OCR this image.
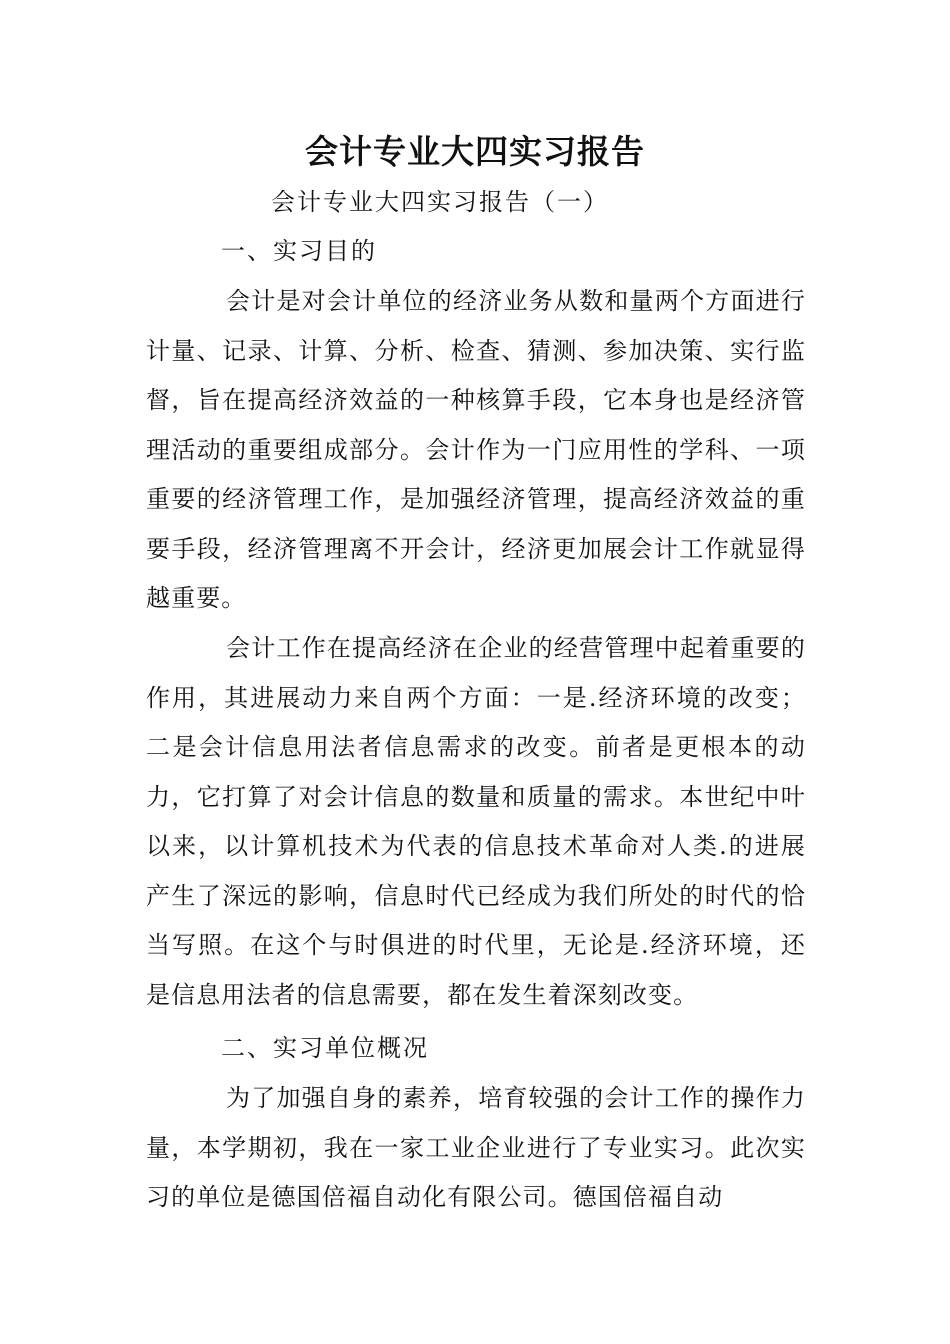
会计专业大四实习报告

会计专业大四实习报告（一）

一、实习目的

会计是对会计单位的经济业务从数和量两个方面进行计量、记录、计算、分析、检查、猜测、参加决策、实行监督，旨在提高经济效益的一种核算手段，它本身也是经济管理活动的重要组成部分。会计作为一门应用性的学科、一项重要的经济管理工作，是加强经济管理，提高经济效益的重要手段，经济管理离不开会计，经济更加展会计工作就显得越重要。

会计工作在提高经济在企业的经营管理中起着重要的作用，其进展动力来自两个方面：一是.经济环境的改变；二是会计信息用法者信息需求的改变。前者是更根本的动力，它打算了对会计信息的数量和质量的需求。本世纪中叶以来，以计算机技术为代表的信息技术革命对人类.的进展产生了深远的影响，信息时代已经成为我们所处的时代的恰当写照。在这个与时俱进的时代里，无论是.经济环境，还是信息用法者的信息需要，都在发生着深刻改变。

二、实习单位概况

为了加强自身的素养，培育较强的会计工作的操作力量，本学期初，我在一家工业企业进行了专业实习。此次实习的单位是德国倍福自动化有限公司。德国倍福自动
